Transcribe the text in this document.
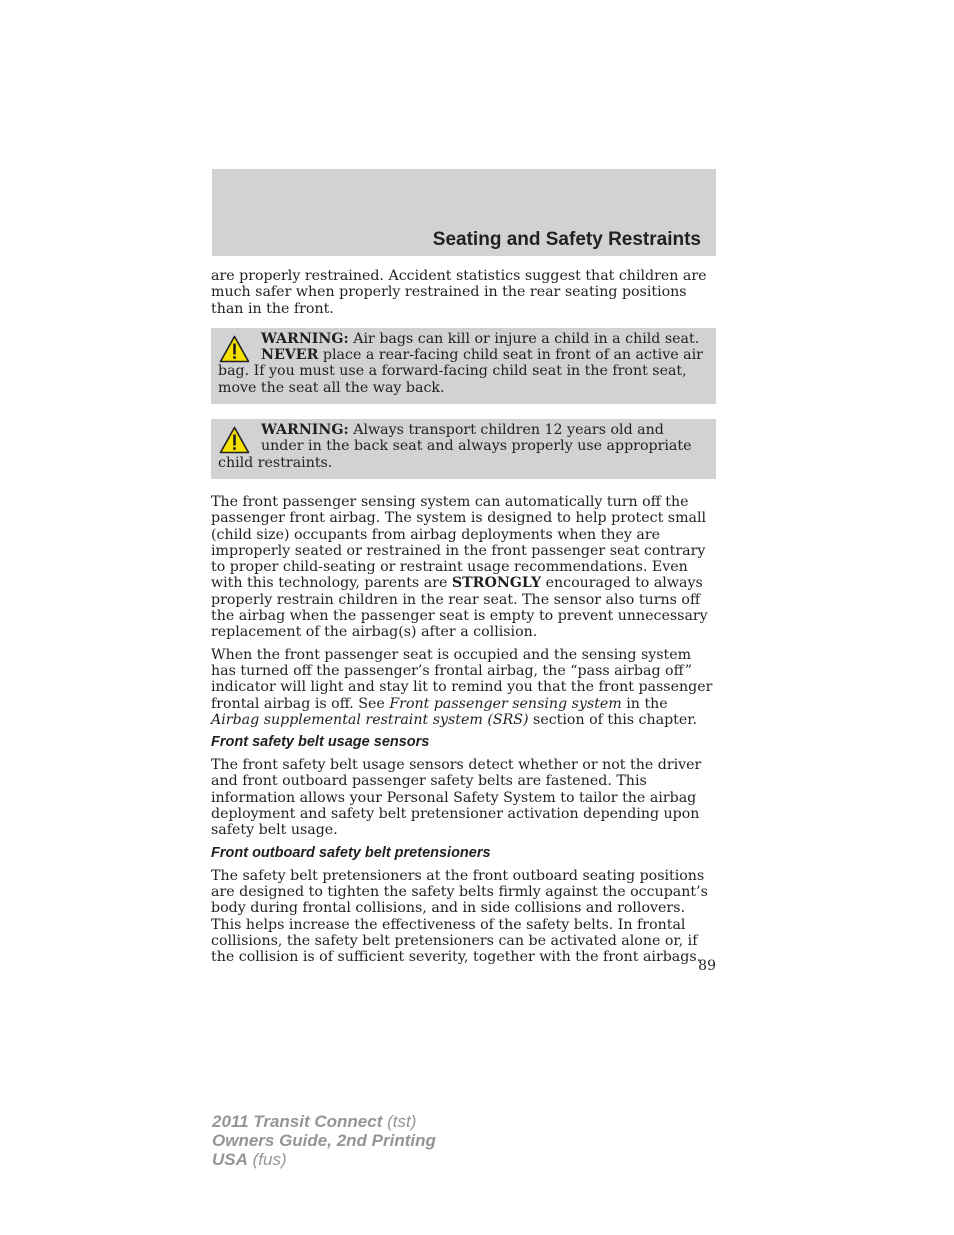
Seating and Safety Restraints

are properly restrained. Accident statistics suggest that children are much safer when properly restrained in the rear seating positions than in the front.

WARNING: Air bags can kill or injure a child in a child seat. NEVER place a rear-facing child seat in front of an active air bag. If you must use a forward-facing child seat in the front seat, move the seat all the way back.
WARNING: Always transport children 12 years old and under in the back seat and always properly use appropriate child restraints.

The front passenger sensing system can automatically turn off the passenger front airbag. The system is designed to help protect small (child size) occupants from airbag deployments when they are improperly seated or restrained in the front passenger seat contrary to proper child-seating or restraint usage recommendations. Even with this technology, parents are STRONGLY encouraged to always properly restrain children in the rear seat. The sensor also turns off the airbag when the passenger seat is empty to prevent unnecessary replacement of the airbag(s) after a collision.

When the front passenger seat is occupied and the sensing system has turned off the passenger’s frontal airbag, the “pass airbag off” indicator will light and stay lit to remind you that the front passenger frontal airbag is off. See Front passenger sensing system in the Airbag supplemental restraint system (SRS) section of this chapter.

Front safety belt usage sensors

The front safety belt usage sensors detect whether or not the driver and front outboard passenger safety belts are fastened. This information allows your Personal Safety System to tailor the airbag deployment and safety belt pretensioner activation depending upon safety belt usage.

Front outboard safety belt pretensioners

The safety belt pretensioners at the front outboard seating positions are designed to tighten the safety belts firmly against the occupant’s body during frontal collisions, and in side collisions and rollovers. This helps increase the effectiveness of the safety belts. In frontal collisions, the safety belt pretensioners can be activated alone or, if the collision is of sufficient severity, together with the front airbags.

89
2011 Transit Connect (tst)
Owners Guide, 2nd Printing
USA (fus)
